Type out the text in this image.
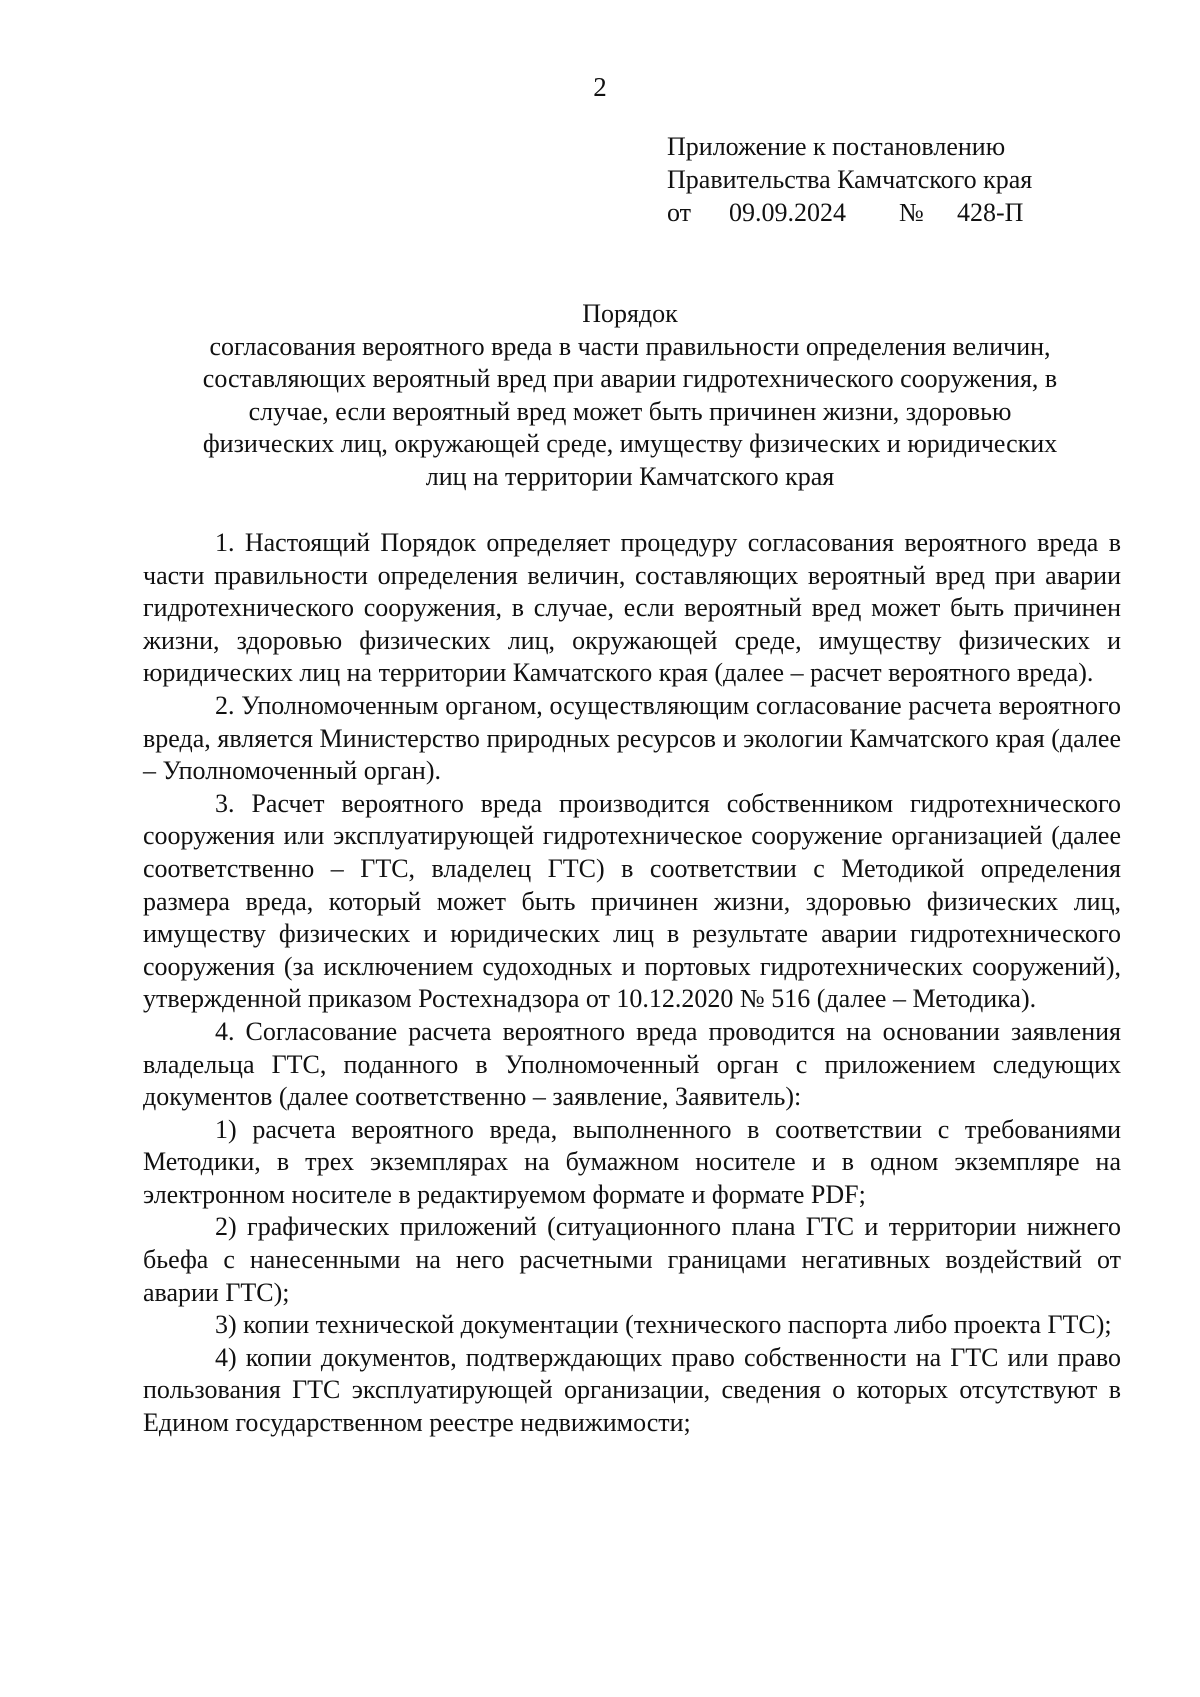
2
Приложение к постановлению
Правительства Камчатского края
от 09.09.2024 № 428-П
Порядок
согласования вероятного вреда в части правильности определения величин,
составляющих вероятный вред при аварии гидротехнического сооружения, в
случае, если вероятный вред может быть причинен жизни, здоровью
физических лиц, окружающей среде, имуществу физических и юридических
лиц на территории Камчатского края

1. Настоящий Порядок определяет процедуру согласования вероятного вреда в части правильности определения величин, составляющих вероятный вред при аварии гидротехнического сооружения, в случае, если вероятный вред может быть причинен жизни, здоровью физических лиц, окружающей среде, имуществу физических и юридических лиц на территории Камчатского края (далее – расчет вероятного вреда).

2. Уполномоченным органом, осуществляющим согласование расчета вероятного вреда, является Министерство природных ресурсов и экологии Камчатского края (далее – Уполномоченный орган).

3. Расчет вероятного вреда производится собственником гидротехнического сооружения или эксплуатирующей гидротехническое сооружение организацией (далее соответственно – ГТС, владелец ГТС) в соответствии с Методикой определения размера вреда, который может быть причинен жизни, здоровью физических лиц, имуществу физических и юридических лиц в результате аварии гидротехнического сооружения (за исключением судоходных и портовых гидротехнических сооружений), утвержденной приказом Ростехнадзора от 10.12.2020 № 516 (далее – Методика).

4. Согласование расчета вероятного вреда проводится на основании заявления владельца ГТС, поданного в Уполномоченный орган с приложением следующих документов (далее соответственно – заявление, Заявитель):

1) расчета вероятного вреда, выполненного в соответствии с требованиями Методики, в трех экземплярах на бумажном носителе и в одном экземпляре на электронном носителе в редактируемом формате и формате PDF;

2) графических приложений (ситуационного плана ГТС и территории нижнего бьефа с нанесенными на него расчетными границами негативных воздействий от аварии ГТС);

3) копии технической документации (технического паспорта либо проекта ГТС);

4) копии документов, подтверждающих право собственности на ГТС или право пользования ГТС эксплуатирующей организации, сведения о которых отсутствуют в Едином государственном реестре недвижимости;
